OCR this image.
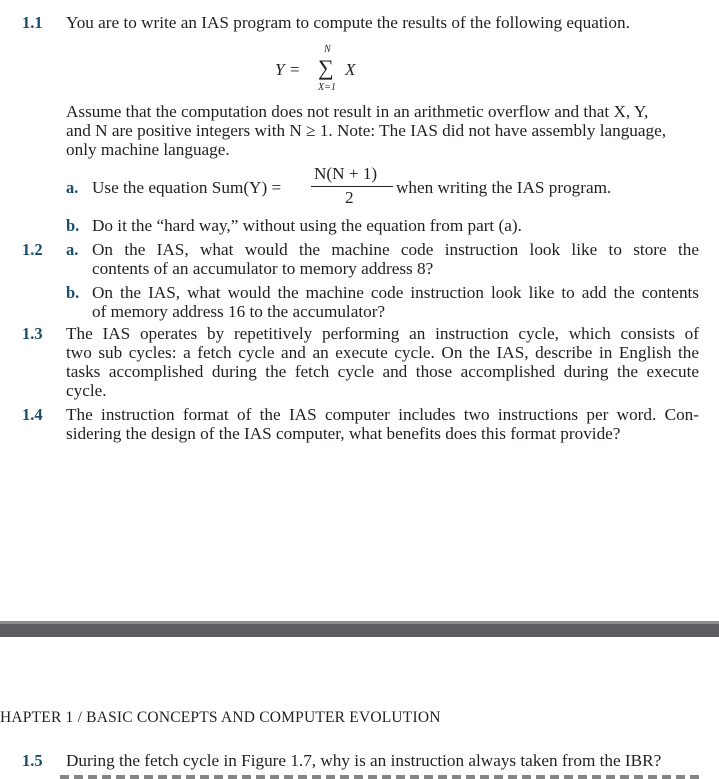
1.1 You are to write an IAS program to compute the results of the following equation.
Y = ∑
N
X=1
X
Assume that the computation does not result in an arithmetic overflow and that X, Y,
and N are positive integers with N ≥ 1. Note: The IAS did not have assembly language,
only machine language.
a. Use the equation Sum(Y) =
N(N + 1)
2
when writing the IAS program.
b. Do it the “hard way,” without using the equation from part (a).
1.2 a. On the IAS, what would the machine code instruction look like to store the
contents of an accumulator to memory address 8?
b. On the IAS, what would the machine code instruction look like to add the contents
of memory address 16 to the accumulator?
1.3 The IAS operates by repetitively performing an instruction cycle, which consists of
two sub cycles: a fetch cycle and an execute cycle. On the IAS, describe in English the
tasks accomplished during the fetch cycle and those accomplished during the execute
cycle.
1.4 The instruction format of the IAS computer includes two instructions per word. Con-
sidering the design of the IAS computer, what benefits does this format provide?
HAPTER 1 / BASIC CONCEPTS AND COMPUTER EVOLUTION
1.5 During the fetch cycle in Figure 1.7, why is an instruction always taken from the IBR?
